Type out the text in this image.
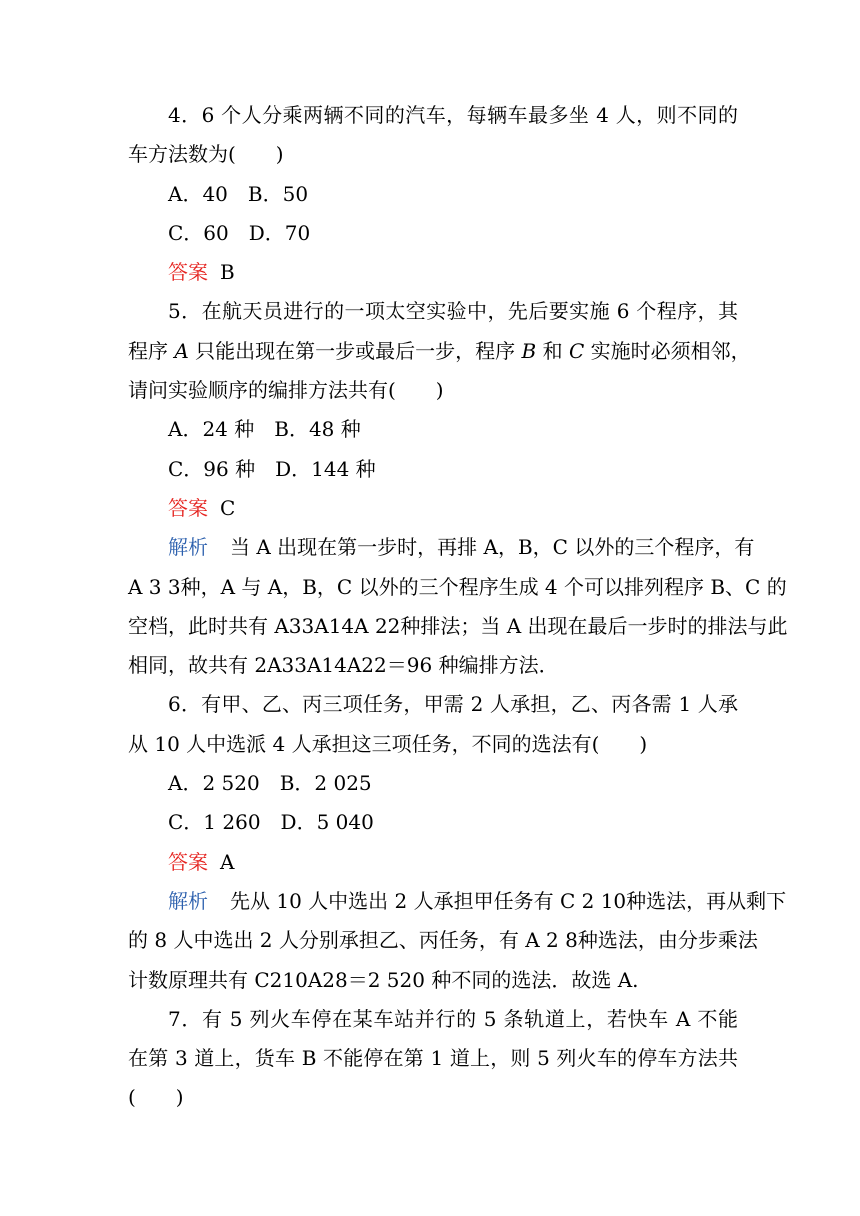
4．6 个人分乘两辆不同的汽车，每辆车最多坐 4 人，则不同的
车方法数为(　　)
A．40　B．50
C．60　D．70
答案 B
5．在航天员进行的一项太空实验中，先后要实施 6 个程序，其
程序 A 只能出现在第一步或最后一步，程序 B 和 C 实施时必须相邻，
请问实验顺序的编排方法共有(　　)
A．24 种　B．48 种
C．96 种　D．144 种
答案 C
解析 当 A 出现在第一步时，再排 A，B，C 以外的三个程序，有
A 3 3种，A 与 A，B，C 以外的三个程序生成 4 个可以排列程序 B、C 的
空档，此时共有 A33A14A 22种排法；当 A 出现在最后一步时的排法与此
相同，故共有 2A33A14A22＝96 种编排方法．
6．有甲、乙、丙三项任务，甲需 2 人承担，乙、丙各需 1 人承
从 10 人中选派 4 人承担这三项任务，不同的选法有(　　)
A．2 520　B．2 025
C．1 260　D．5 040
答案 A
解析 先从 10 人中选出 2 人承担甲任务有 C 2 10种选法，再从剩下
的 8 人中选出 2 人分别承担乙、丙任务，有 A 2 8种选法，由分步乘法
计数原理共有 C210A28＝2 520 种不同的选法．故选 A.
7．有 5 列火车停在某车站并行的 5 条轨道上，若快车 A 不能
在第 3 道上，货车 B 不能停在第 1 道上，则 5 列火车的停车方法共
(　　)
